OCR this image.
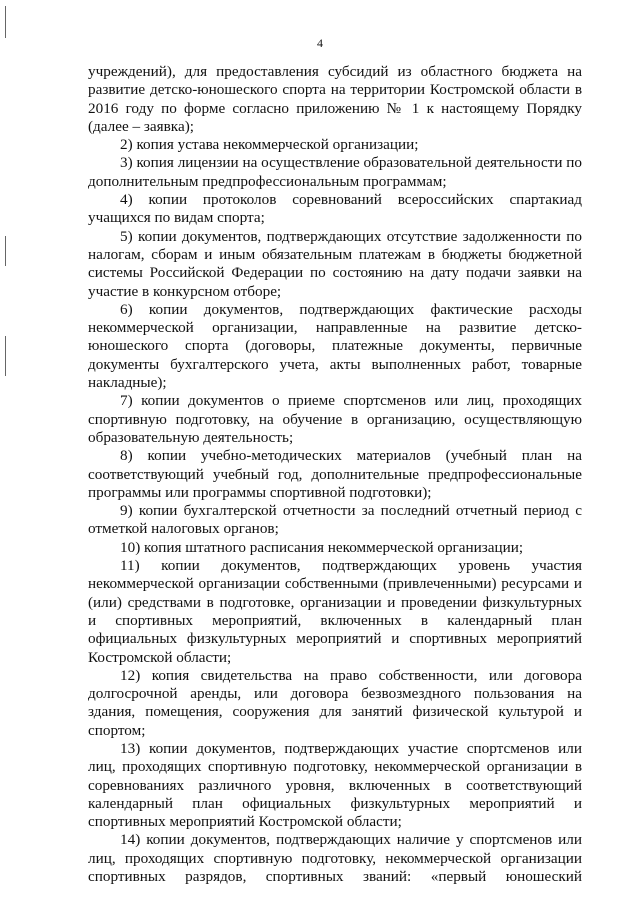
4
учреждений), для предоставления субсидий из областного бюджета на
развитие детско-юношеского спорта на территории Костромской области в
2016 году по форме согласно приложению № 1 к настоящему Порядку
(далее – заявка);
2) копия устава некоммерческой организации;
3) копия лицензии на осуществление образовательной деятельности по
дополнительным предпрофессиональным программам;
4) копии протоколов соревнований всероссийских спартакиад
учащихся по видам спорта;
5) копии документов, подтверждающих отсутствие задолженности по
налогам, сборам и иным обязательным платежам в бюджеты бюджетной
системы Российской Федерации по состоянию на дату подачи заявки на
участие в конкурсном отборе;
6) копии документов, подтверждающих фактические расходы
некоммерческой организации, направленные на развитие детско-
юношеского спорта (договоры, платежные документы, первичные
документы бухгалтерского учета, акты выполненных работ, товарные
накладные);
7) копии документов о приеме спортсменов или лиц, проходящих
спортивную подготовку, на обучение в организацию, осуществляющую
образовательную деятельность;
8) копии учебно-методических материалов (учебный план на
соответствующий учебный год, дополнительные предпрофессиональные
программы или программы спортивной подготовки);
9) копии бухгалтерской отчетности за последний отчетный период с
отметкой налоговых органов;
10) копия штатного расписания некоммерческой организации;
11) копии документов, подтверждающих уровень участия
некоммерческой организации собственными (привлеченными) ресурсами и
(или) средствами в подготовке, организации и проведении физкультурных
и спортивных мероприятий, включенных в календарный план
официальных физкультурных мероприятий и спортивных мероприятий
Костромской области;
12) копия свидетельства на право собственности, или договора
долгосрочной аренды, или договора безвозмездного пользования на
здания, помещения, сооружения для занятий физической культурой и
спортом;
13) копии документов, подтверждающих участие спортсменов или
лиц, проходящих спортивную подготовку, некоммерческой организации в
соревнованиях различного уровня, включенных в соответствующий
календарный план официальных физкультурных мероприятий и
спортивных мероприятий Костромской области;
14) копии документов, подтверждающих наличие у спортсменов или
лиц, проходящих спортивную подготовку, некоммерческой организации
спортивных разрядов, спортивных званий: «первый юношеский
